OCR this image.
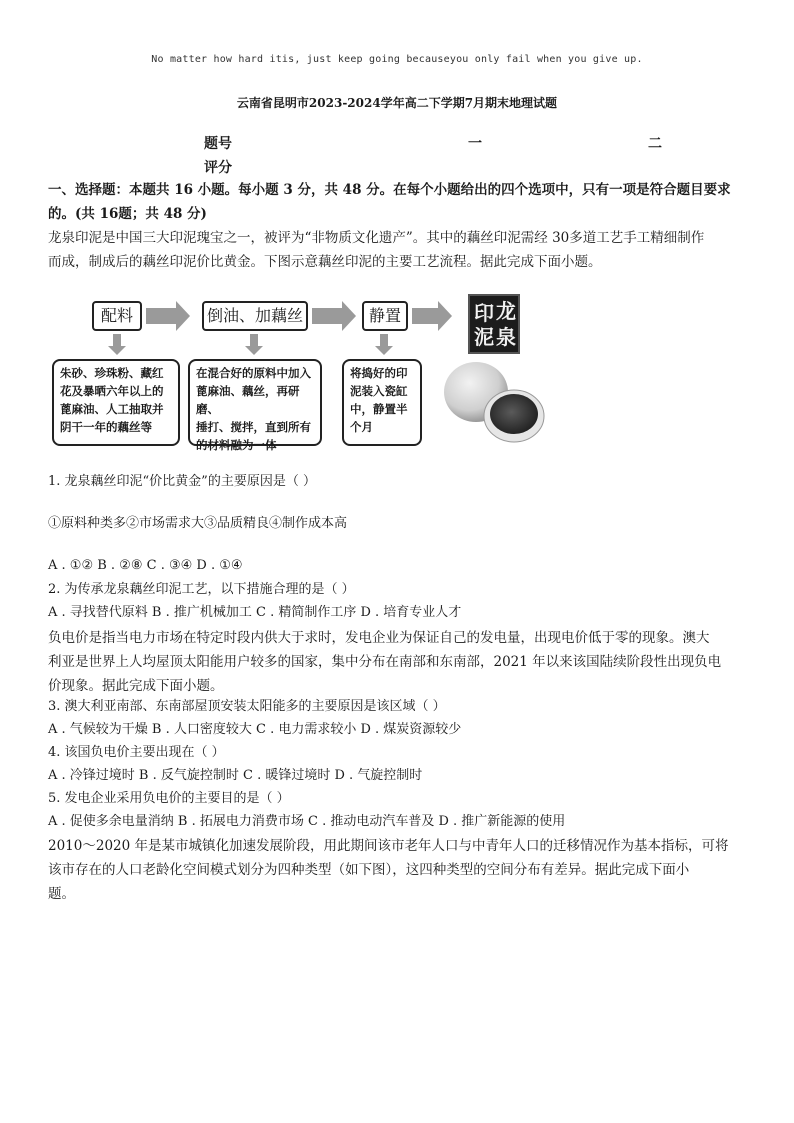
No matter how hard itis, just keep going becauseyou only fail when you give up.
云南省昆明市2023-2024学年高二下学期7月期末地理试题
题号	一	二
评分
一、选择题：本题共 16 小题。每小题 3 分，共 48 分。在每个小题给出的四个选项中，只有一项是符合题目要求
的。(共 16题；共 48 分)
龙泉印泥是中国三大印泥瑰宝之一，被评为“非物质文化遗产”。其中的藕丝印泥需经 30多道工艺手工精细制作
而成，制成后的藕丝印泥价比黄金。下图示意藕丝印泥的主要工艺流程。据此完成下面小题。
配料	倒油、加藕丝	静置
朱砂、珍珠粉、藏红
花及暴晒六年以上的
蓖麻油、人工抽取并
阴干一年的藕丝等
在混合好的原料中加入
蓖麻油、藕丝，再研磨、
捶打、搅拌，直到所有
的材料融为一体
将捣好的印
泥装入瓷缸
中，静置半
个月
印 龙
泥 泉
1. 龙泉藕丝印泥“价比黄金”的主要原因是（ ）
①原料种类多②市场需求大③品质精良④制作成本高
A . ①② B . ②⑧ C . ③④ D . ①④
2. 为传承龙泉藕丝印泥工艺，以下措施合理的是（ ）
A . 寻找替代原料 B . 推广机械加工 C . 精简制作工序 D . 培育专业人才
负电价是指当电力市场在特定时段内供大于求时，发电企业为保证自己的发电量，出现电价低于零的现象。澳大
利亚是世界上人均屋顶太阳能用户较多的国家，集中分布在南部和东南部，2021 年以来该国陆续阶段性出现负电
价现象。据此完成下面小题。
3. 澳大利亚南部、东南部屋顶安装太阳能多的主要原因是该区域（ ）
A . 气候较为干燥 B . 人口密度较大 C . 电力需求较小 D . 煤炭资源较少
4. 该国负电价主要出现在（ ）
A . 冷锋过境时 B . 反气旋控制时 C . 暖锋过境时 D . 气旋控制时
5. 发电企业采用负电价的主要目的是（ ）
A . 促使多余电量消纳 B . 拓展电力消费市场 C . 推动电动汽车普及 D . 推广新能源的使用
2010～2020 年是某市城镇化加速发展阶段，用此期间该市老年人口与中青年人口的迁移情况作为基本指标，可将
该市存在的人口老龄化空间模式划分为四种类型（如下图），这四种类型的空间分布有差异。据此完成下面小
题。
